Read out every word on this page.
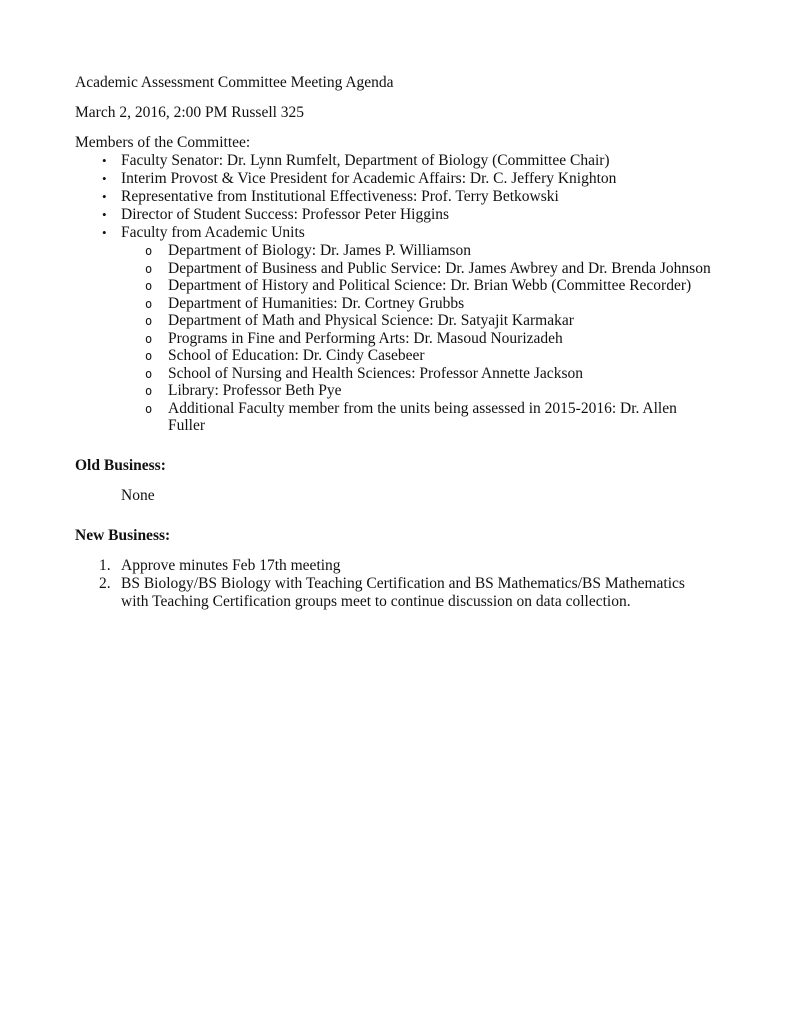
Academic Assessment Committee Meeting Agenda
March 2, 2016, 2:00 PM Russell 325
Members of the Committee:
• Faculty Senator: Dr. Lynn Rumfelt, Department of Biology (Committee Chair)
• Interim Provost & Vice President for Academic Affairs: Dr. C. Jeffery Knighton
• Representative from Institutional Effectiveness: Prof. Terry Betkowski
• Director of Student Success: Professor Peter Higgins
• Faculty from Academic Units
o Department of Biology: Dr. James P. Williamson
o Department of Business and Public Service: Dr. James Awbrey and Dr. Brenda Johnson
o Department of History and Political Science: Dr. Brian Webb (Committee Recorder)
o Department of Humanities: Dr. Cortney Grubbs
o Department of Math and Physical Science: Dr. Satyajit Karmakar
o Programs in Fine and Performing Arts: Dr. Masoud Nourizadeh
o School of Education: Dr. Cindy Casebeer
o School of Nursing and Health Sciences: Professor Annette Jackson
o Library: Professor Beth Pye
o Additional Faculty member from the units being assessed in 2015-2016: Dr. Allen Fuller
Old Business:
None
New Business:
1. Approve minutes Feb 17th meeting
2. BS Biology/BS Biology with Teaching Certification and BS Mathematics/BS Mathematics with Teaching Certification groups meet to continue discussion on data collection.
